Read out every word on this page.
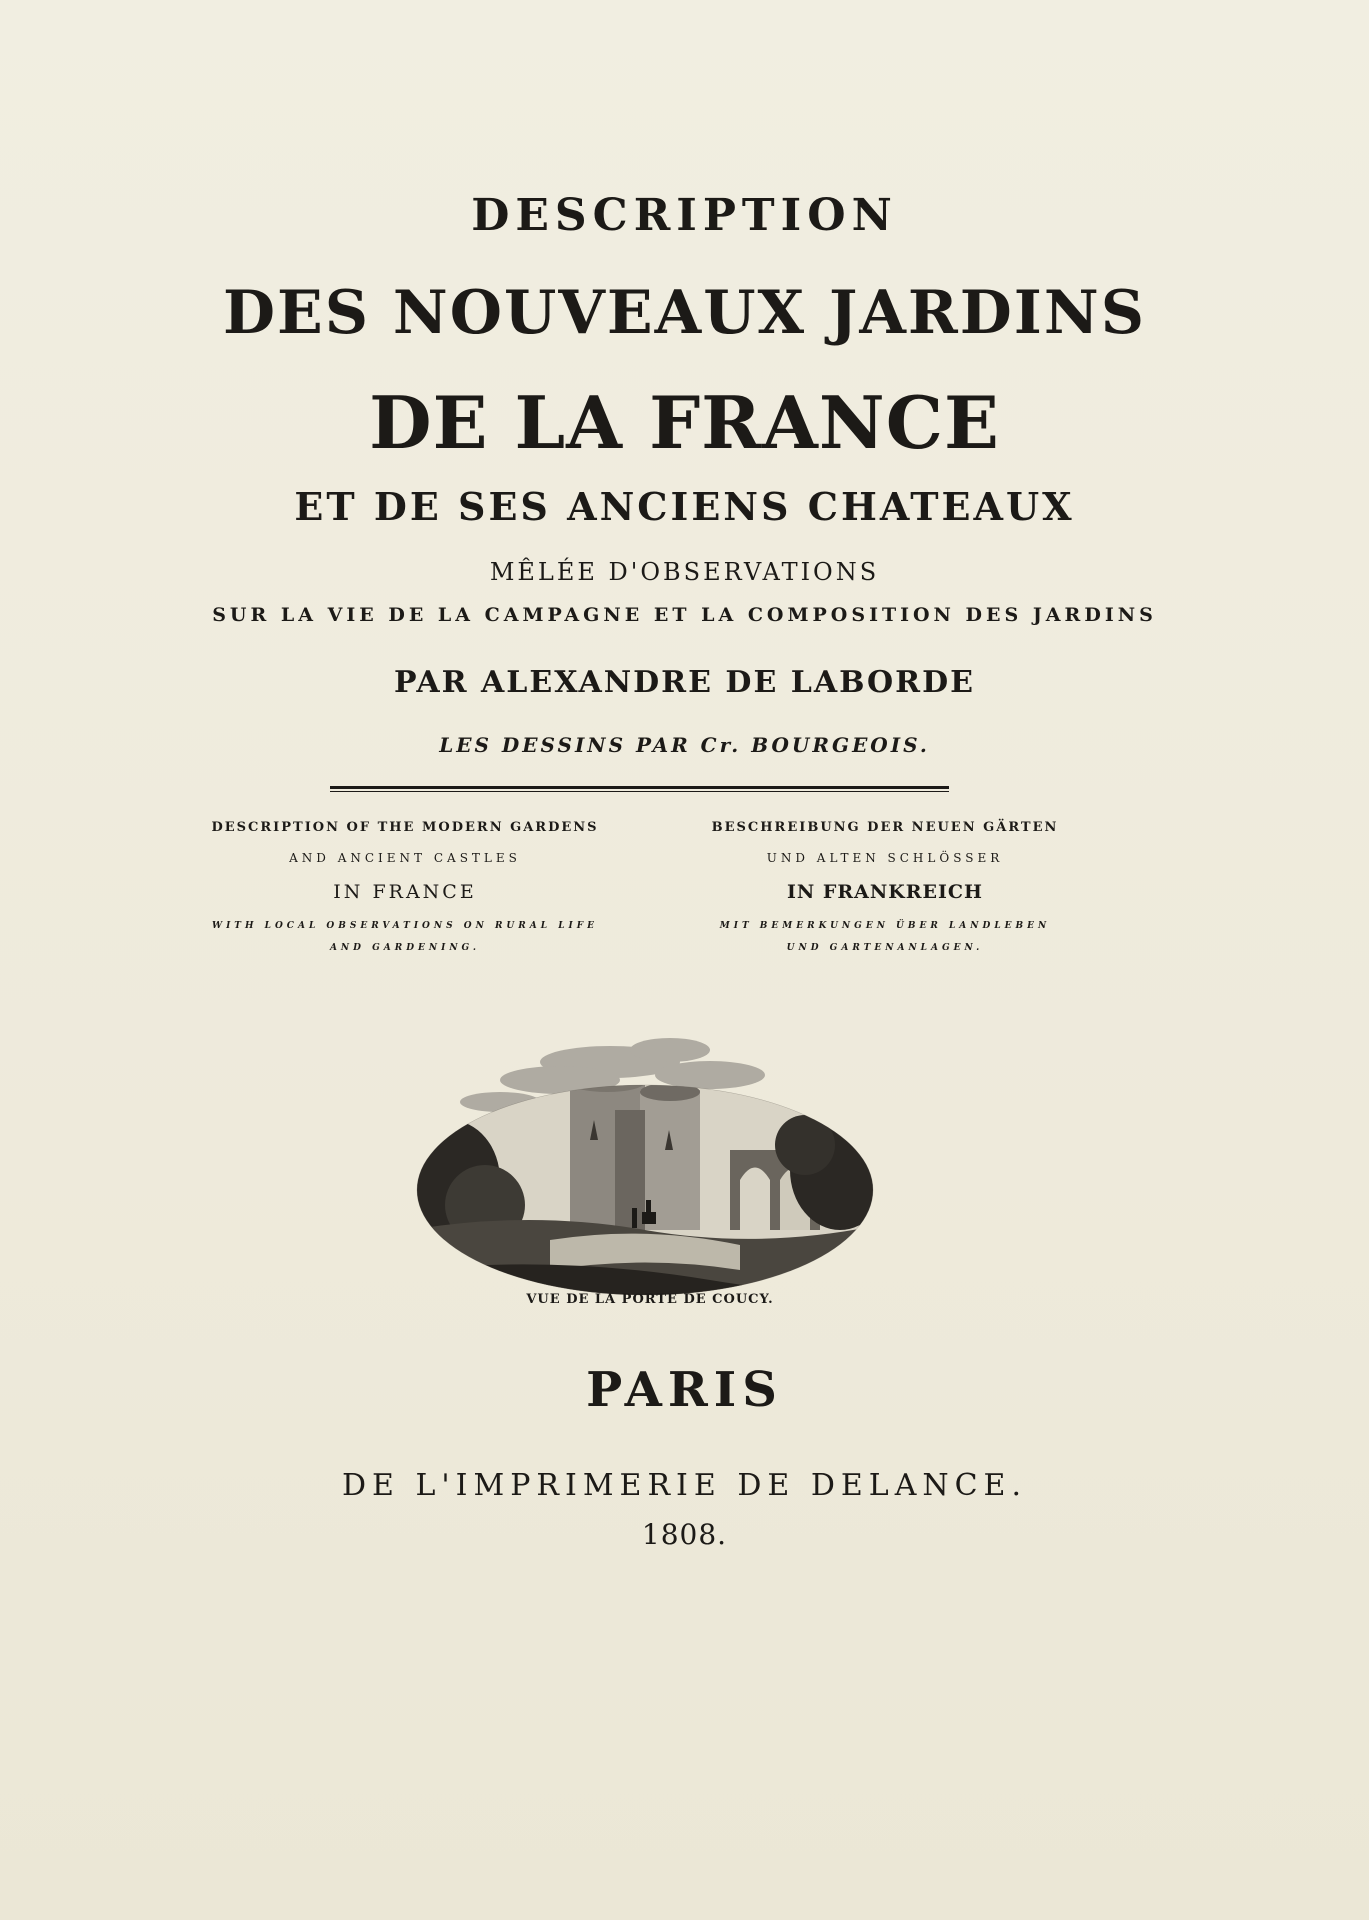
DESCRIPTION
DES NOUVEAUX JARDINS
DE LA FRANCE
ET DE SES ANCIENS CHATEAUX
MÊLÉE D'OBSERVATIONS
SUR LA VIE DE LA CAMPAGNE ET LA COMPOSITION DES JARDINS
PAR ALEXANDRE DE LABORDE
LES DESSINS PAR Cr. BOURGEOIS.
DESCRIPTION OF THE MODERN GARDENS
AND ANCIENT CASTLES
IN FRANCE
WITH LOCAL OBSERVATIONS ON RURAL LIFE
AND GARDENING.
BESCHREIBUNG DER NEUEN GÄRTEN
UND ALTEN SCHLÖSSER
IN FRANKREICH
MIT BEMERKUNGEN ÜBER LANDLEBEN
UND GARTENANLAGEN.
VUE DE LA PORTE DE COUCY.
PARIS
DE L'IMPRIMERIE DE DELANCE.
1808.
